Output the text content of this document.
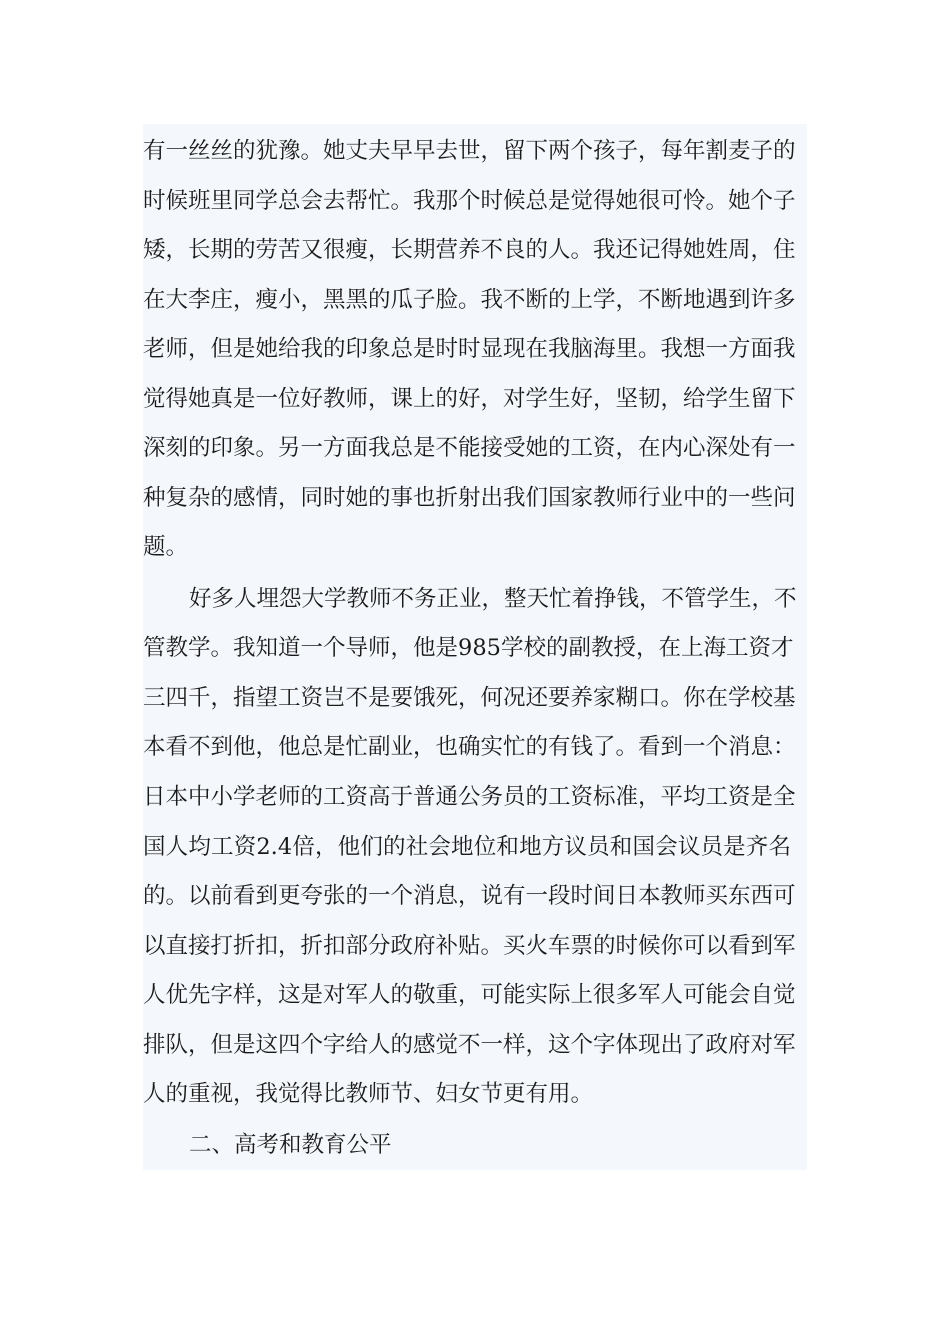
有一丝丝的犹豫。她丈夫早早去世，留下两个孩子，每年割麦子的

时候班里同学总会去帮忙。我那个时候总是觉得她很可怜。她个子

矮，长期的劳苦又很瘦，长期营养不良的人。我还记得她姓周，住

在大李庄，瘦小，黑黑的瓜子脸。我不断的上学，不断地遇到许多

老师，但是她给我的印象总是时时显现在我脑海里。我想一方面我

觉得她真是一位好教师，课上的好，对学生好，坚韧，给学生留下

深刻的印象。另一方面我总是不能接受她的工资，在内心深处有一

种复杂的感情，同时她的事也折射出我们国家教师行业中的一些问

题。

好多人埋怨大学教师不务正业，整天忙着挣钱，不管学生，不

管教学。我知道一个导师，他是985学校的副教授，在上海工资才

三四千，指望工资岂不是要饿死，何况还要养家糊口。你在学校基

本看不到他，他总是忙副业，也确实忙的有钱了。看到一个消息：

日本中小学老师的工资高于普通公务员的工资标准，平均工资是全

国人均工资2.4倍，他们的社会地位和地方议员和国会议员是齐名

的。以前看到更夸张的一个消息，说有一段时间日本教师买东西可

以直接打折扣，折扣部分政府补贴。买火车票的时候你可以看到军

人优先字样，这是对军人的敬重，可能实际上很多军人可能会自觉

排队，但是这四个字给人的感觉不一样，这个字体现出了政府对军

人的重视，我觉得比教师节、妇女节更有用。

二、高考和教育公平
